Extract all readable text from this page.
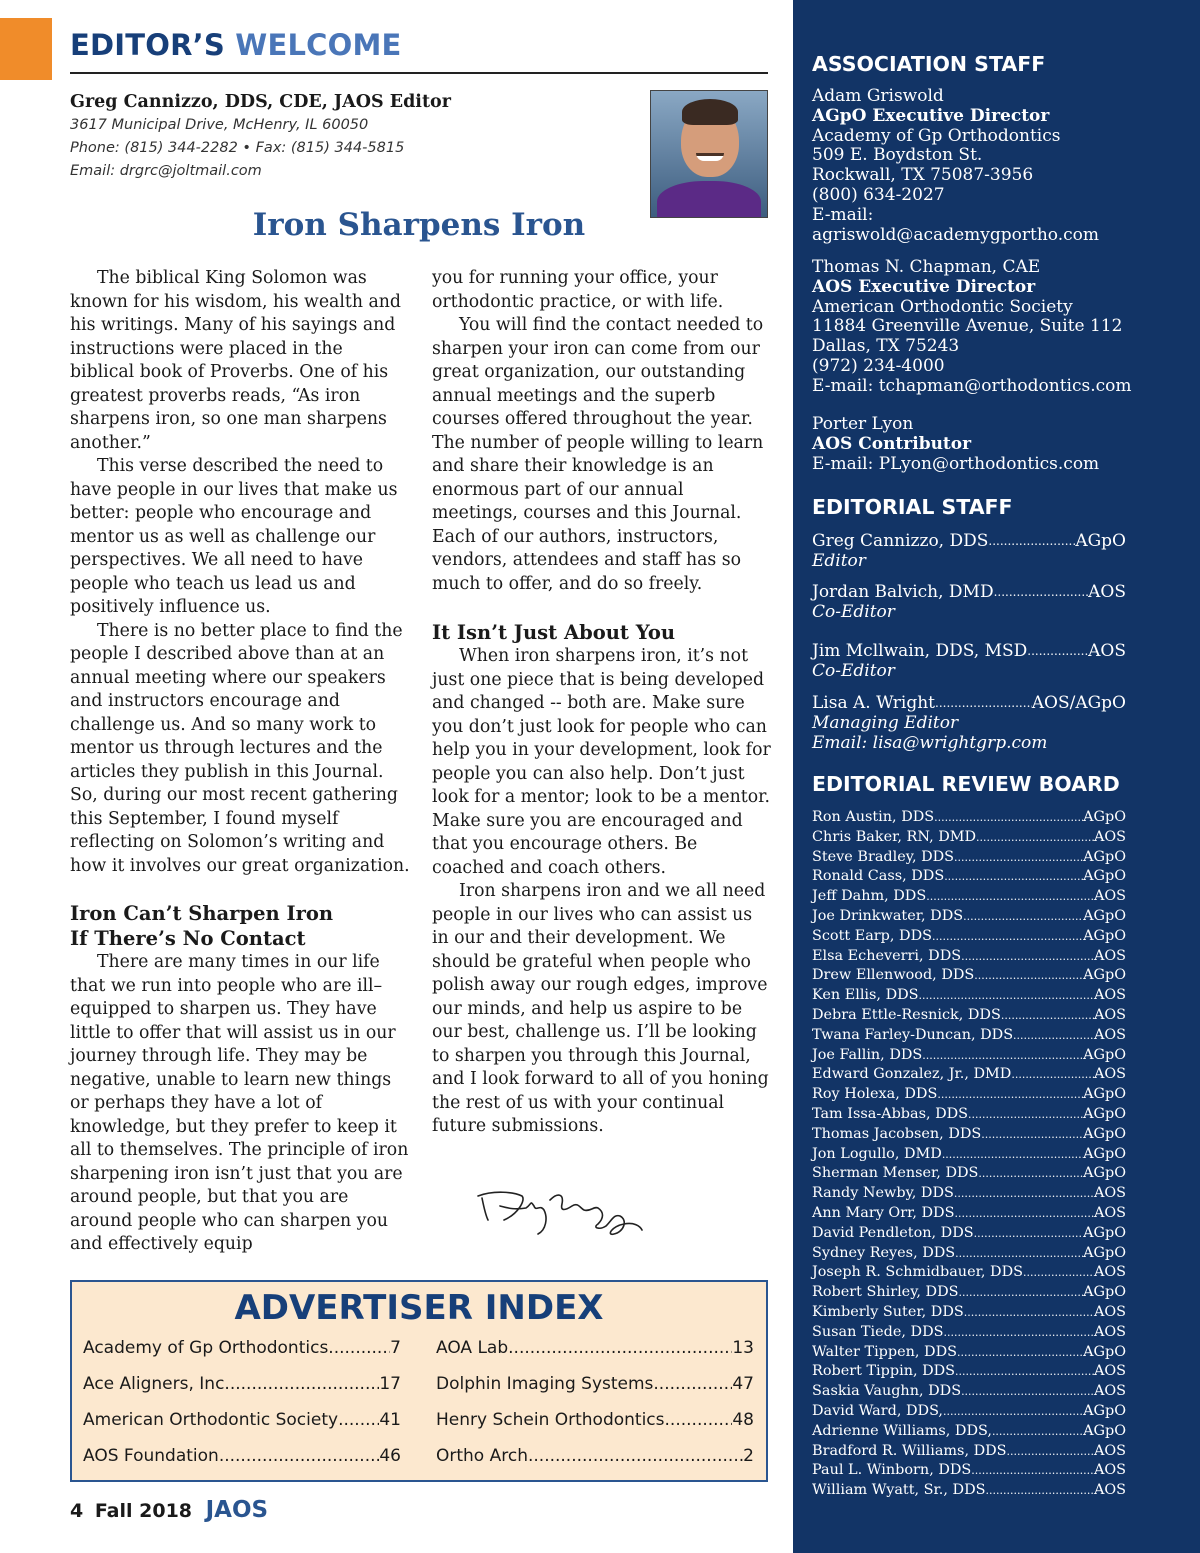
EDITOR’S WELCOME
Greg Cannizzo, DDS, CDE, JAOS Editor
3617 Municipal Drive, McHenry, IL 60050
Phone: (815) 344-2282 • Fax: (815) 344-5815
Email: drgrc@joltmail.com
Iron Sharpens Iron

The biblical King Solomon was known for his wisdom, his wealth and his writings. Many of his sayings and instructions were placed in the biblical book of Proverbs. One of his greatest proverbs reads, “As iron sharpens iron, so one man sharpens another.”

This verse described the need to have people in our lives that make us better: people who encourage and mentor us as well as challenge our perspectives. We all need to have people who teach us lead us and positively influence us.

There is no better place to find the people I described above than at an annual meeting where our speakers and instructors encourage and challenge us. And so many work to mentor us through lectures and the articles they publish in this Journal. So, during our most recent gathering this September, I found myself reflecting on Solomon’s writing and how it involves our great organization.

Iron Can’t Sharpen Iron
If There’s No Contact

There are many times in our life that we run into people who are ill–equipped to sharpen us. They have little to offer that will assist us in our journey through life. They may be negative, unable to learn new things or perhaps they have a lot of knowledge, but they prefer to keep it all to themselves. The principle of iron sharpening iron isn’t just that you are around people, but that you are around people who can sharpen you and effectively equip

you for running your office, your orthodontic practice, or with life.

You will find the contact needed to sharpen your iron can come from our great organization, our outstanding annual meetings and the superb courses offered throughout the year. The number of people willing to learn and share their knowledge is an enormous part of our annual meetings, courses and this Journal. Each of our authors, instructors, vendors, attendees and staff has so much to offer, and do so freely.

It Isn’t Just About You

When iron sharpens iron, it’s not just one piece that is being developed and changed -- both are. Make sure you don’t just look for people who can help you in your development, look for people you can also help. Don’t just look for a mentor; look to be a mentor. Make sure you are encouraged and that you encourage others. Be coached and coach others.

Iron sharpens iron and we all need people in our lives who can assist us in our and their development. We should be grateful when people who polish away our rough edges, improve our minds, and help us aspire to be our best, challenge us. I’ll be looking to sharpen you through this Journal, and I look forward to all of you honing the rest of us with your continual future submissions.

ADVERTISER INDEX
Academy of Gp Orthodontics .....	7
Ace Aligners, Inc. .....	17
American Orthodontic Society ..... 41
AOS Foundation .....	46
AOA Lab .....	13
Dolphin Imaging Systems .....	47
Henry Schein Orthodontics .....	48
Ortho Arch .....	2
4 Fall 2018 JAOS
ASSOCIATION STAFF
Adam Griswold
AGpO Executive Director
Academy of Gp Orthodontics
509 E. Boydston St.
Rockwall, TX 75087-3956
(800) 634-2027
E-mail:
agriswold@academygportho.com
Thomas N. Chapman, CAE
AOS Executive Director
American Orthodontic Society
11884 Greenville Avenue, Suite 112
Dallas, TX 75243
(972) 234-4000
E-mail: tchapman@orthodontics.com
Porter Lyon
AOS Contributor
E-mail: PLyon@orthodontics.com
EDITORIAL STAFF
Greg Cannizzo, DDS .....	AGpO
Editor
Jordan Balvich, DMD .....	AOS
Co-Editor
Jim Mcllwain, DDS, MSD .....	AOS
Co-Editor
Lisa A. Wright .....	AOS/AGpO
Managing Editor
Email: lisa@wrightgrp.com
EDITORIAL REVIEW BOARD
Ron Austin, DDS .....	AGpO
Chris Baker, RN, DMD .....	AOS
Steve Bradley, DDS .....	AGpO
Ronald Cass, DDS .....	AGpO
Jeff Dahm, DDS .....	AOS
Joe Drinkwater, DDS .....	AGpO
Scott Earp, DDS .....	AGpO
Elsa Echeverri, DDS .....	AOS
Drew Ellenwood, DDS .....	AGpO
Ken Ellis, DDS .....	AOS
Debra Ettle-Resnick, DDS .....	AOS
Twana Farley-Duncan, DDS .....	AOS
Joe Fallin, DDS .....	AGpO
Edward Gonzalez, Jr., DMD .....	AOS
Roy Holexa, DDS .....	AGpO
Tam Issa-Abbas, DDS .....	AGpO
Thomas Jacobsen, DDS .....	AGpO
Jon Logullo, DMD .....	AGpO
Sherman Menser, DDS .....	AGpO
Randy Newby, DDS .....	AOS
Ann Mary Orr, DDS .....	AOS
David Pendleton, DDS .....	AGpO
Sydney Reyes, DDS .....	AGpO
Joseph R. Schmidbauer, DDS .....	AOS
Robert Shirley, DDS .....	AGpO
Kimberly Suter, DDS .....	AOS
Susan Tiede, DDS .....	AOS
Walter Tippen, DDS .....	AGpO
Robert Tippin, DDS .....	AOS
Saskia Vaughn, DDS .....	AOS
David Ward, DDS, .....	AGpO
Adrienne Williams, DDS, .....	AGpO
Bradford R. Williams, DDS .....	AOS
Paul L. Winborn, DDS .....	AOS
William Wyatt, Sr., DDS .....	AOS
